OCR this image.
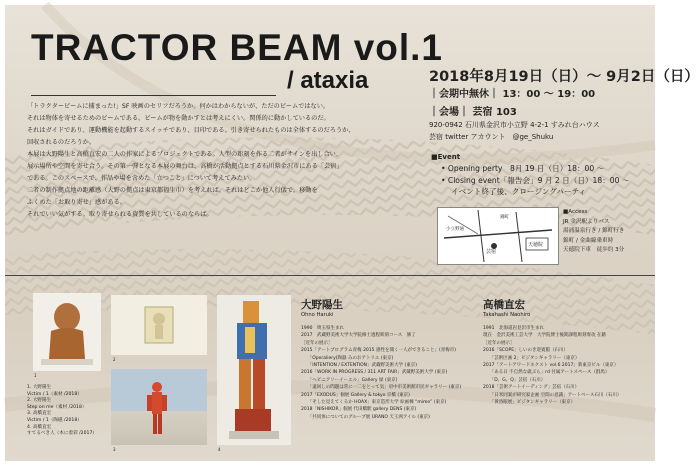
TRACTOR BEAM vol.1
/ ataxia

「トラクタービームに捕まった!」SF 映画のセリフだろうか。何かはわからないが、ただのビームではない。

それは物体を寄せるためのビームである。ビームが物を動かすとは考えにくい。関係的に動かしているのだ。

それはガイドであり、運動機能を起動するスイッチであり、目印である。引き寄せられたものは全体するのだろうか、

回収されるのだろうか。

本展は大野陽生と高橋直宏の二人の作家によるプロジェクトである。人型の彫刻を作る二者がサインを出し合い、

展示場所や空間を寄せ合う。その第一弾となる本展の舞台は、高橋が活動拠点とする石川県金沢市にある「芸宿」

である。このスペースで、作品や場を含めた「立つこと」について考えてみたい。

二者の制作拠点地の距離感（大野の拠点は東京都福生市）を考えれば、それはどこか他人行儀で、移動を

ふくめた「お取り寄せ」感がある。

それでいい気がする。取り寄せられる資質を共しているのならば。

2018年8月19日（日）〜 9月2日（日）
｜会期中無休｜ 13：00 〜 19：00
｜会場｜ 芸宿 103
920-0942 石川県金沢市小立野 4-2-1 すみれ台ハウス
芸宿 twitter アカウント　@ge_Shuku
■Event
• Opening perty　8月 19 日（日）18：00 〜
• Closing event「報告会」9 月 2 日（日）18：00 〜
イベント終了後、クロージングパーティ
芸宿
天徳院
小立野通
錦町
■Access
JR 金沢駅よりバス
湯涌温泉行き / 錦町行き
錦町 / 金曲線乗車時
天徳院下車　徒歩約 3分
1
2
3	4
1. 大野陽生
Victim / 1（素材 /2018）
2. 大野陽生
Step on me（素材 /2018）
3. 高橋直宏
Victim / 1（陶磁 /2018）
4. 高橋直宏
すてるべき人（木に着彩 /2017）
大野陽生
Ohno Haruki
1990　埼玉県生まれ
2017　武蔵野美術大学大学院修士過程彫刻コース　修了
［近年の展示］
2015「アートプログラム青梅 2015 感性を開く一人ができること」(青梅市)
　　「Operaliery(陶器 みのおアトリエ (東京)
　　「INTENTION / EXTENTION」武蔵野美術大学 (東京)
2016「WORK IN PROGRESS / 311 ART FAIR」武蔵野美術大学 (東京)
　　「ヘビニアリーイーエル」Gallery 緑 (東京)
　　「遠回しの問題は常に一二をとって気」府中市美術館市民ギャラリー (東京)
2017「EXODUS」個展 Gallery & tokyo 京橋 (東京)
　　「そした見えてくるか HOAX」東京造形大学 絵画棟 “mime” (東京)
2018「NISHIKOR」個展 代田橋駅 gallery DENS (東京)
　　「共同体についてのグループ展 URANO 天王洲アイル (東京)
高橋直宏
Takahashi Naohiro
1991　北海道岩見沢市生まれ
現在　金沢美術工芸大学　大学院博士後期課程彫刻専攻 在籍
［近年の展示］
2016「SCOPE」しいのき迎賓館（石川）
　　「芸術区画 2」ビジタンギャラリー（東京）
2017「アートアワードネクスト vol.6 2017」新東京ビル（東京）
　　「ある日 不自然な歳ぶら」rd 付属アートスペース（群馬）
　　「D、G、Q」芸宿（石川）
2018「芸術アートイーディング」芸宿（石川）
　　「日米同案が研究家企画 空間の意識」アートベース石川（石川）
　　「黄昏眼展」ビジタンギャラリー（東京）
